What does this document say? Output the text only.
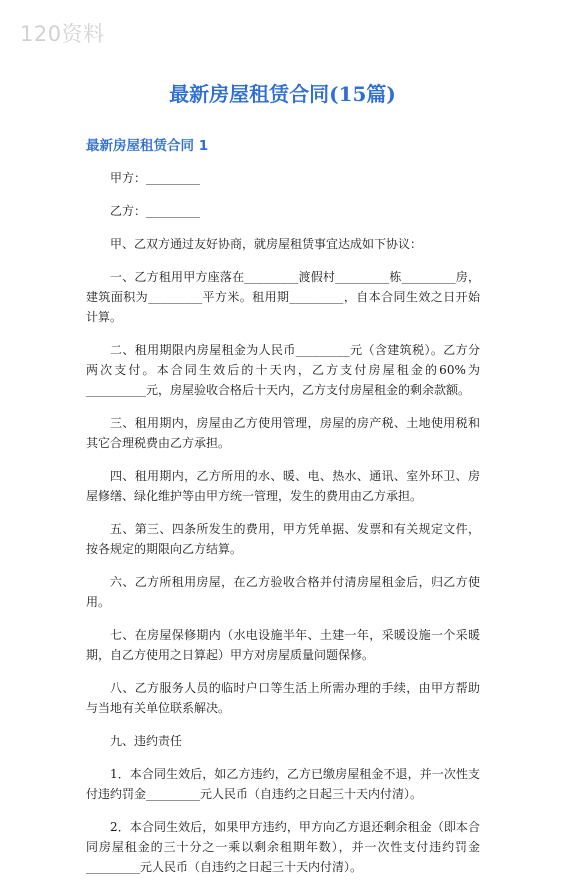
120资料
最新房屋租赁合同(15篇)
最新房屋租赁合同 1

甲方：_________

乙方：_________

甲、乙双方通过友好协商，就房屋租赁事宜达成如下协议：

一、乙方租用甲方座落在_________渡假村_________栋_________房，建筑面积为_________平方米。租用期_________，自本合同生效之日开始计算。

二、租用期限内房屋租金为人民币_________元（含建筑税）。乙方分两次支付。本合同生效后的十天内，乙方支付房屋租金的60%为__________元，房屋验收合格后十天内，乙方支付房屋租金的剩余款额。

三、租用期内，房屋由乙方使用管理，房屋的房产税、土地使用税和其它合理税费由乙方承担。

四、租用期内，乙方所用的水、暖、电、热水、通讯、室外环卫、房屋修缮、绿化维护等由甲方统一管理，发生的费用由乙方承担。

五、第三、四条所发生的费用，甲方凭单据、发票和有关规定文件，按各规定的期限向乙方结算。

六、乙方所租用房屋，在乙方验收合格并付清房屋租金后，归乙方使用。

七、在房屋保修期内（水电设施半年、土建一年，采暖设施一个采暖期，自乙方使用之日算起）甲方对房屋质量问题保修。

八、乙方服务人员的临时户口等生活上所需办理的手续，由甲方帮助与当地有关单位联系解决。

九、违约责任

1．本合同生效后，如乙方违约，乙方已缴房屋租金不退，并一次性支付违约罚金_________元人民币（自违约之日起三十天内付清）。

2．本合同生效后，如果甲方违约，甲方向乙方退还剩余租金（即本合同房屋租金的三十分之一乘以剩余租期年数），并一次性支付违约罚金_________元人民币（自违约之日起三十天内付清）。
